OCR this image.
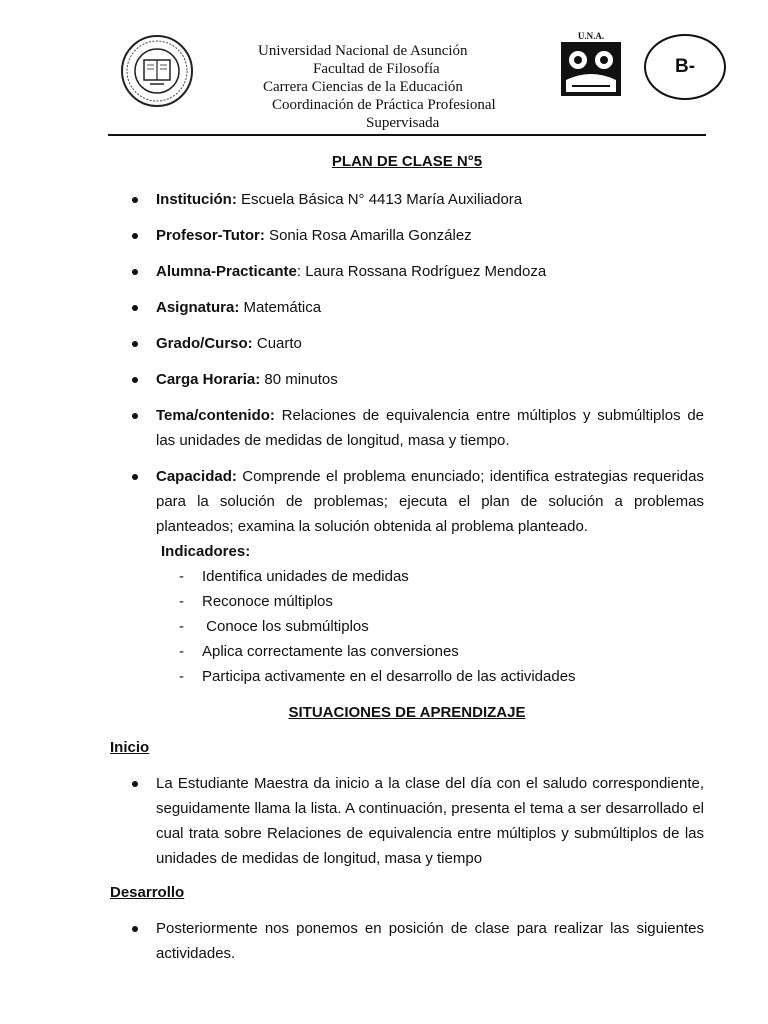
Universidad Nacional de Asunción
Facultad de Filosofía
Carrera Ciencias de la Educación
Coordinación de Práctica Profesional
Supervisada
U.N.A.
B-
PLAN DE CLASE N°5
Institución: Escuela Básica N° 4413 María Auxiliadora
Profesor-Tutor: Sonia Rosa Amarilla González
Alumna-Practicante: Laura Rossana Rodríguez Mendoza
Asignatura: Matemática
Grado/Curso: Cuarto
Carga Horaria: 80 minutos
Tema/contenido: Relaciones de equivalencia entre múltiplos y submúltiplos de las unidades de medidas de longitud, masa y tiempo.
Capacidad: Comprende el problema enunciado; identifica estrategias requeridas para la solución de problemas; ejecuta el plan de solución a problemas planteados; examina la solución obtenida al problema planteado.
Indicadores:
- Identifica unidades de medidas
- Reconoce múltiplos
- Conoce los submúltiplos
- Aplica correctamente las conversiones
- Participa activamente en el desarrollo de las actividades
SITUACIONES DE APRENDIZAJE
Inicio
La Estudiante Maestra da inicio a la clase del día con el saludo correspondiente, seguidamente llama la lista. A continuación, presenta el tema a ser desarrollado el cual trata sobre Relaciones de equivalencia entre múltiplos y submúltiplos de las unidades de medidas de longitud, masa y tiempo
Desarrollo
Posteriormente nos ponemos en posición de clase para realizar las siguientes actividades.
